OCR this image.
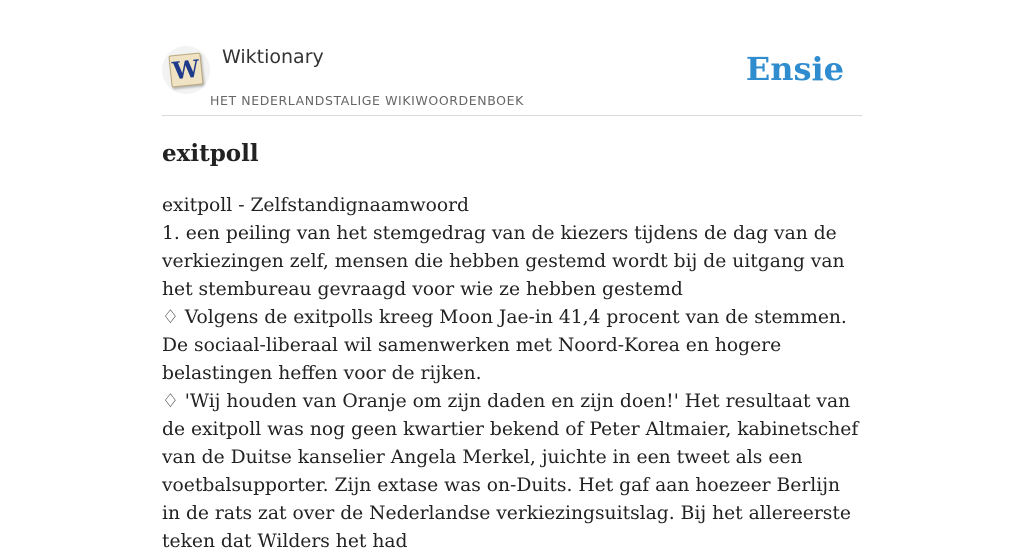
W Wiktionary
HET NEDERLANDSTALIGE WIKIWOORDENBOEK
Ensie
exitpoll

exitpoll - Zelfstandignaamwoord

1. een peiling van het stemgedrag van de kiezers tijdens de dag van de verkiezingen zelf, mensen die hebben gestemd wordt bij de uitgang van het stembureau gevraagd voor wie ze hebben gestemd

♢ Volgens de exitpolls kreeg Moon Jae-in 41,4 procent van de stemmen. De sociaal-liberaal wil samenwerken met Noord-Korea en hogere belastingen heffen voor de rijken.

♢ 'Wij houden van Oranje om zijn daden en zijn doen!' Het resultaat van de exitpoll was nog geen kwartier bekend of Peter Altmaier, kabinetschef van de Duitse kanselier Angela Merkel, juichte in een tweet als een voetbalsupporter. Zijn extase was on-Duits. Het gaf aan hoezeer Berlijn in de rats zat over de Nederlandse verkiezingsuitslag. Bij het allereerste teken dat Wilders het had
